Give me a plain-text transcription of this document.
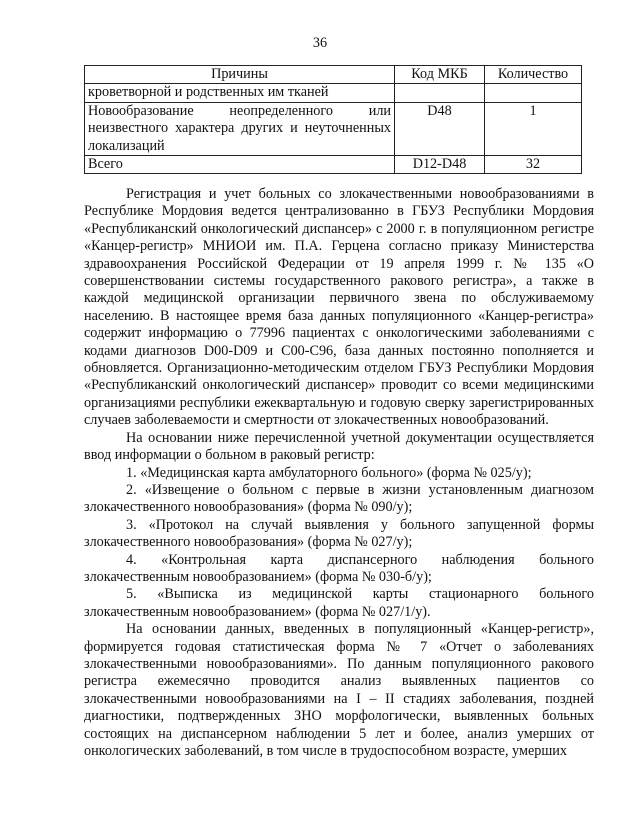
36
Причины	Код МКБ	Количество
кроветворной и родственных им тканей		
Новообразование неопределенного или неизвестного характера других и неуточненных локализаций	D48	1
Всего	D12-D48	32

Регистрация и учет больных со злокачественными новообразованиями в Республике Мордовия ведется централизованно в ГБУЗ Республики Мордовия «Республиканский онкологический диспансер» с 2000 г. в популяционном регистре «Канцер-регистр» МНИОИ им. П.А. Герцена согласно приказу Министерства здравоохранения Российской Федерации от 19 апреля 1999 г. № 135 «О совершенствовании системы государственного ракового регистра», а также в каждой медицинской организации первичного звена по обслуживаемому населению. В настоящее время база данных популяционного «Канцер-регистра» содержит информацию о 77996 пациентах с онкологическими заболеваниями с кодами диагнозов D00-D09 и C00-C96, база данных постоянно пополняется и обновляется. Организационно-методическим отделом ГБУЗ Республики Мордовия «Республиканский онкологический диспансер» проводит со всеми медицинскими организациями республики ежеквартальную и годовую сверку зарегистрированных случаев заболеваемости и смертности от злокачественных новообразований.

На основании ниже перечисленной учетной документации осуществляется ввод информации о больном в раковый регистр:

1. «Медицинская карта амбулаторного больного» (форма № 025/у);

2. «Извещение о больном с первые в жизни установленным диагнозом злокачественного новообразования» (форма № 090/у);

3. «Протокол на случай выявления у больного запущенной формы злокачественного новообразования» (форма № 027/у);

4. «Контрольная карта диспансерного наблюдения больного злокачественным новообразованием» (форма № 030-б/у);

5. «Выписка из медицинской карты стационарного больного злокачественным новообразованием» (форма № 027/1/у).

На основании данных, введенных в популяционный «Канцер-регистр», формируется годовая статистическая форма № 7 «Отчет о заболеваниях злокачественными новообразованиями». По данным популяционного ракового регистра ежемесячно проводится анализ выявленных пациентов со злокачественными новообразованиями на I – II стадиях заболевания, поздней диагностики, подтвержденных ЗНО морфологически, выявленных больных состоящих на диспансерном наблюдении 5 лет и более, анализ умерших от онкологических заболеваний, в том числе в трудоспособном возрасте, умерших
